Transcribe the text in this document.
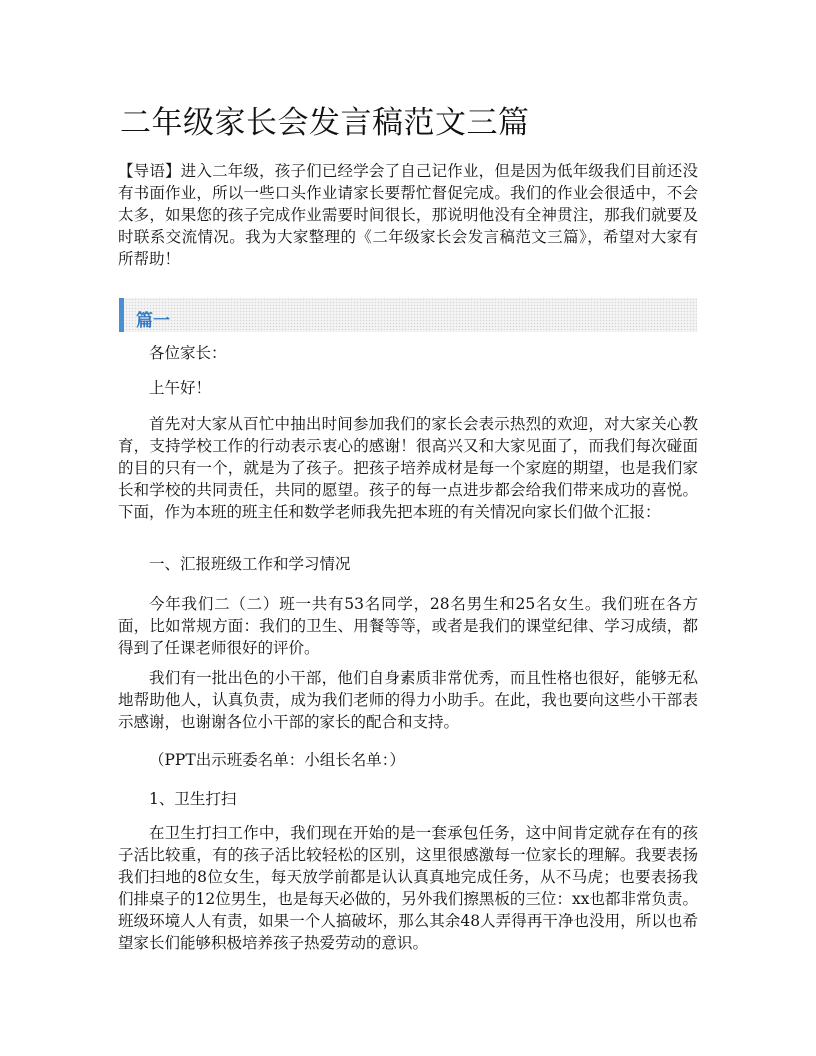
二年级家长会发言稿范文三篇

【导语】进入二年级，孩子们已经学会了自己记作业，但是因为低年级我们目前还没有书面作业，所以一些口头作业请家长要帮忙督促完成。我们的作业会很适中，不会太多，如果您的孩子完成作业需要时间很长，那说明他没有全神贯注，那我们就要及时联系交流情况。我为大家整理的《二年级家长会发言稿范文三篇》，希望对大家有所帮助！

篇一

各位家长：

上午好！

首先对大家从百忙中抽出时间参加我们的家长会表示热烈的欢迎，对大家关心教育，支持学校工作的行动表示衷心的感谢！很高兴又和大家见面了，而我们每次碰面的目的只有一个，就是为了孩子。把孩子培养成材是每一个家庭的期望，也是我们家长和学校的共同责任，共同的愿望。孩子的每一点进步都会给我们带来成功的喜悦。下面，作为本班的班主任和数学老师我先把本班的有关情况向家长们做个汇报：

一、汇报班级工作和学习情况

今年我们二（二）班一共有53名同学，28名男生和25名女生。我们班在各方面，比如常规方面：我们的卫生、用餐等等，或者是我们的课堂纪律、学习成绩，都得到了任课老师很好的评价。

我们有一批出色的小干部，他们自身素质非常优秀，而且性格也很好，能够无私地帮助他人，认真负责，成为我们老师的得力小助手。在此，我也要向这些小干部表示感谢，也谢谢各位小干部的家长的配合和支持。

（PPT出示班委名单：小组长名单：）

1、卫生打扫

在卫生打扫工作中，我们现在开始的是一套承包任务，这中间肯定就存在有的孩子活比较重，有的孩子活比较轻松的区别，这里很感激每一位家长的理解。我要表扬我们扫地的8位女生，每天放学前都是认认真真地完成任务，从不马虎；也要表扬我们排桌子的12位男生，也是每天必做的，另外我们擦黑板的三位：xx也都非常负责。班级环境人人有责，如果一个人搞破坏，那么其余48人弄得再干净也没用，所以也希望家长们能够积极培养孩子热爱劳动的意识。
